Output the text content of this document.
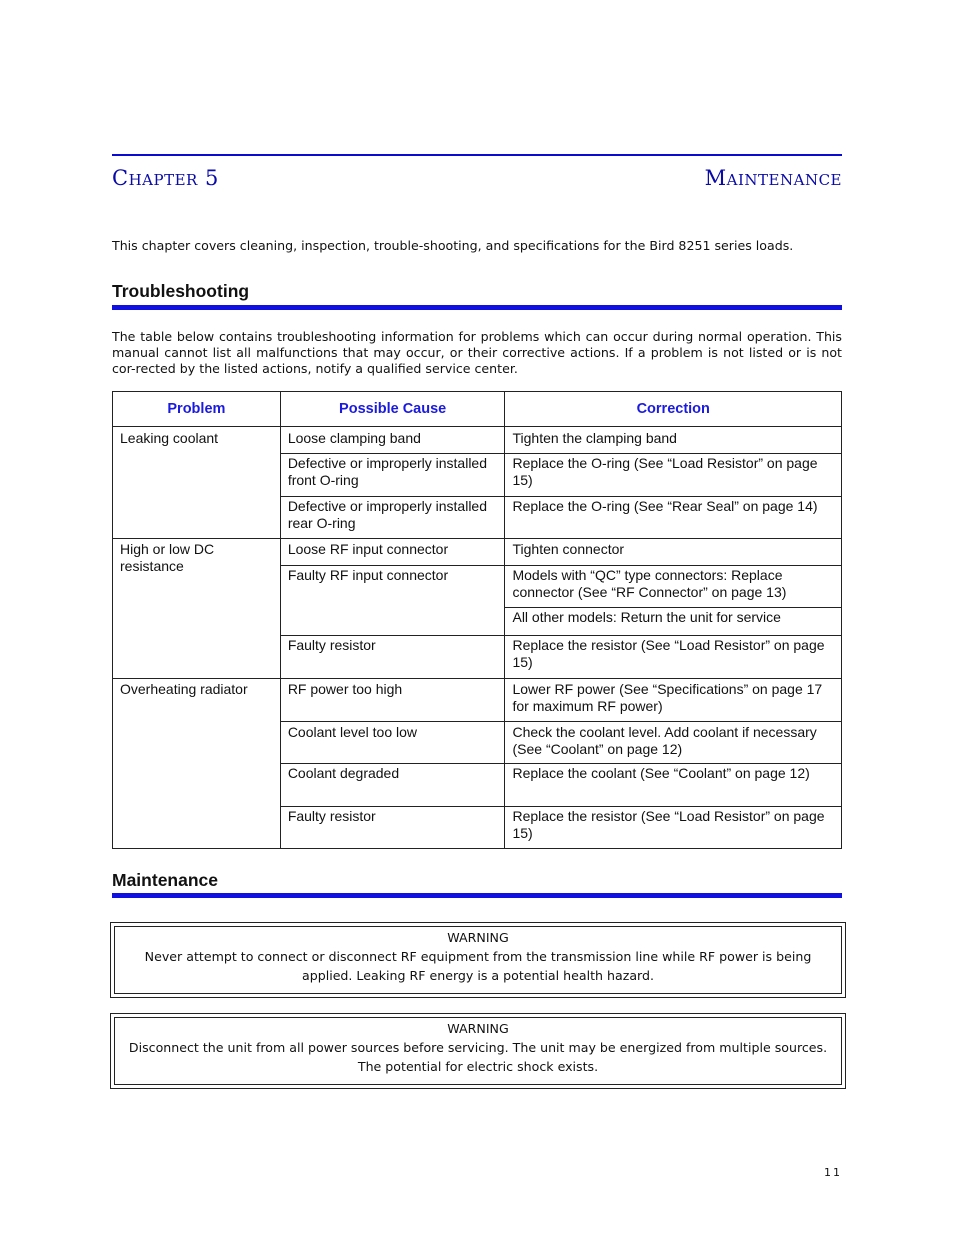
Chapter 5	Maintenance
This chapter covers cleaning, inspection, trouble-shooting, and specifications for the Bird 8251 series loads.
Troubleshooting
The table below contains troubleshooting information for problems which can occur during normal operation. This manual cannot list all malfunctions that may occur, or their corrective actions. If a problem is not listed or is not cor-rected by the listed actions, notify a qualified service center.
Problem	Possible Cause	Correction
Leaking coolant	Loose clamping band	Tighten the clamping band
	Defective or improperly installed front O-ring	Replace the O-ring (See “Load Resistor” on page 15)
	Defective or improperly installed rear O-ring	Replace the O-ring (See “Rear Seal” on page 14)
High or low DC resistance	Loose RF input connector	Tighten connector
	Faulty RF input connector	Models with “QC” type connectors: Replace connector (See “RF Connector” on page 13)
		All other models: Return the unit for service
	Faulty resistor	Replace the resistor (See “Load Resistor” on page 15)
Overheating radiator	RF power too high	Lower RF power (See “Specifications” on page 17 for maximum RF power)
	Coolant level too low	Check the coolant level. Add coolant if necessary (See “Coolant” on page 12)
	Coolant degraded	Replace the coolant (See “Coolant” on page 12)
	Faulty resistor	Replace the resistor (See “Load Resistor” on page 15)
Maintenance
WARNING
Never attempt to connect or disconnect RF equipment from the transmission line while RF power is being applied. Leaking RF energy is a potential health hazard.
WARNING
Disconnect the unit from all power sources before servicing. The unit may be energized from multiple sources. The potential for electric shock exists.
11
